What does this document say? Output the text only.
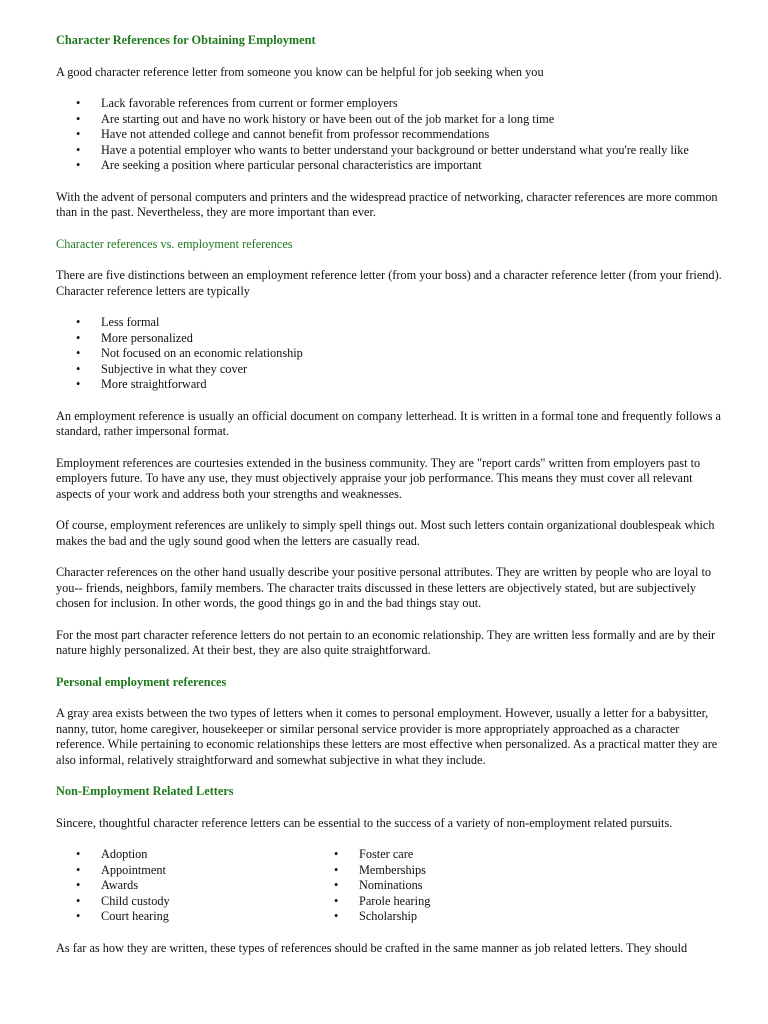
Character References for Obtaining Employment

A good character reference letter from someone you know can be helpful for job seeking when you

• Lack favorable references from current or former employers
• Are starting out and have no work history or have been out of the job market for a long time
• Have not attended college and cannot benefit from professor recommendations
• Have a potential employer who wants to better understand your background or better understand what you're really like
• Are seeking a position where particular personal characteristics are important

With the advent of personal computers and printers and the widespread practice of networking, character references are more common than in the past. Nevertheless, they are more important than ever.

Character references vs. employment references

There are five distinctions between an employment reference letter (from your boss) and a character reference letter (from your friend). Character reference letters are typically

• Less formal
• More personalized
• Not focused on an economic relationship
• Subjective in what they cover
• More straightforward

An employment reference is usually an official document on company letterhead. It is written in a formal tone and frequently follows a standard, rather impersonal format.

Employment references are courtesies extended in the business community. They are "report cards" written from employers past to employers future. To have any use, they must objectively appraise your job performance. This means they must cover all relevant aspects of your work and address both your strengths and weaknesses.

Of course, employment references are unlikely to simply spell things out. Most such letters contain organizational doublespeak which makes the bad and the ugly sound good when the letters are casually read.

Character references on the other hand usually describe your positive personal attributes. They are written by people who are loyal to you-- friends, neighbors, family members. The character traits discussed in these letters are objectively stated, but are subjectively chosen for inclusion. In other words, the good things go in and the bad things stay out.

For the most part character reference letters do not pertain to an economic relationship. They are written less formally and are by their nature highly personalized. At their best, they are also quite straightforward.

Personal employment references

A gray area exists between the two types of letters when it comes to personal employment. However, usually a letter for a babysitter, nanny, tutor, home caregiver, housekeeper or similar personal service provider is more appropriately approached as a character reference. While pertaining to economic relationships these letters are most effective when personalized. As a practical matter they are also informal, relatively straightforward and somewhat subjective in what they include.

Non-Employment Related Letters

Sincere, thoughtful character reference letters can be essential to the success of a variety of non-employment related pursuits.

• Adoption
• Appointment
• Awards
• Child custody
• Court hearing
• Foster care
• Memberships
• Nominations
• Parole hearing
• Scholarship

As far as how they are written, these types of references should be crafted in the same manner as job related letters. They should
